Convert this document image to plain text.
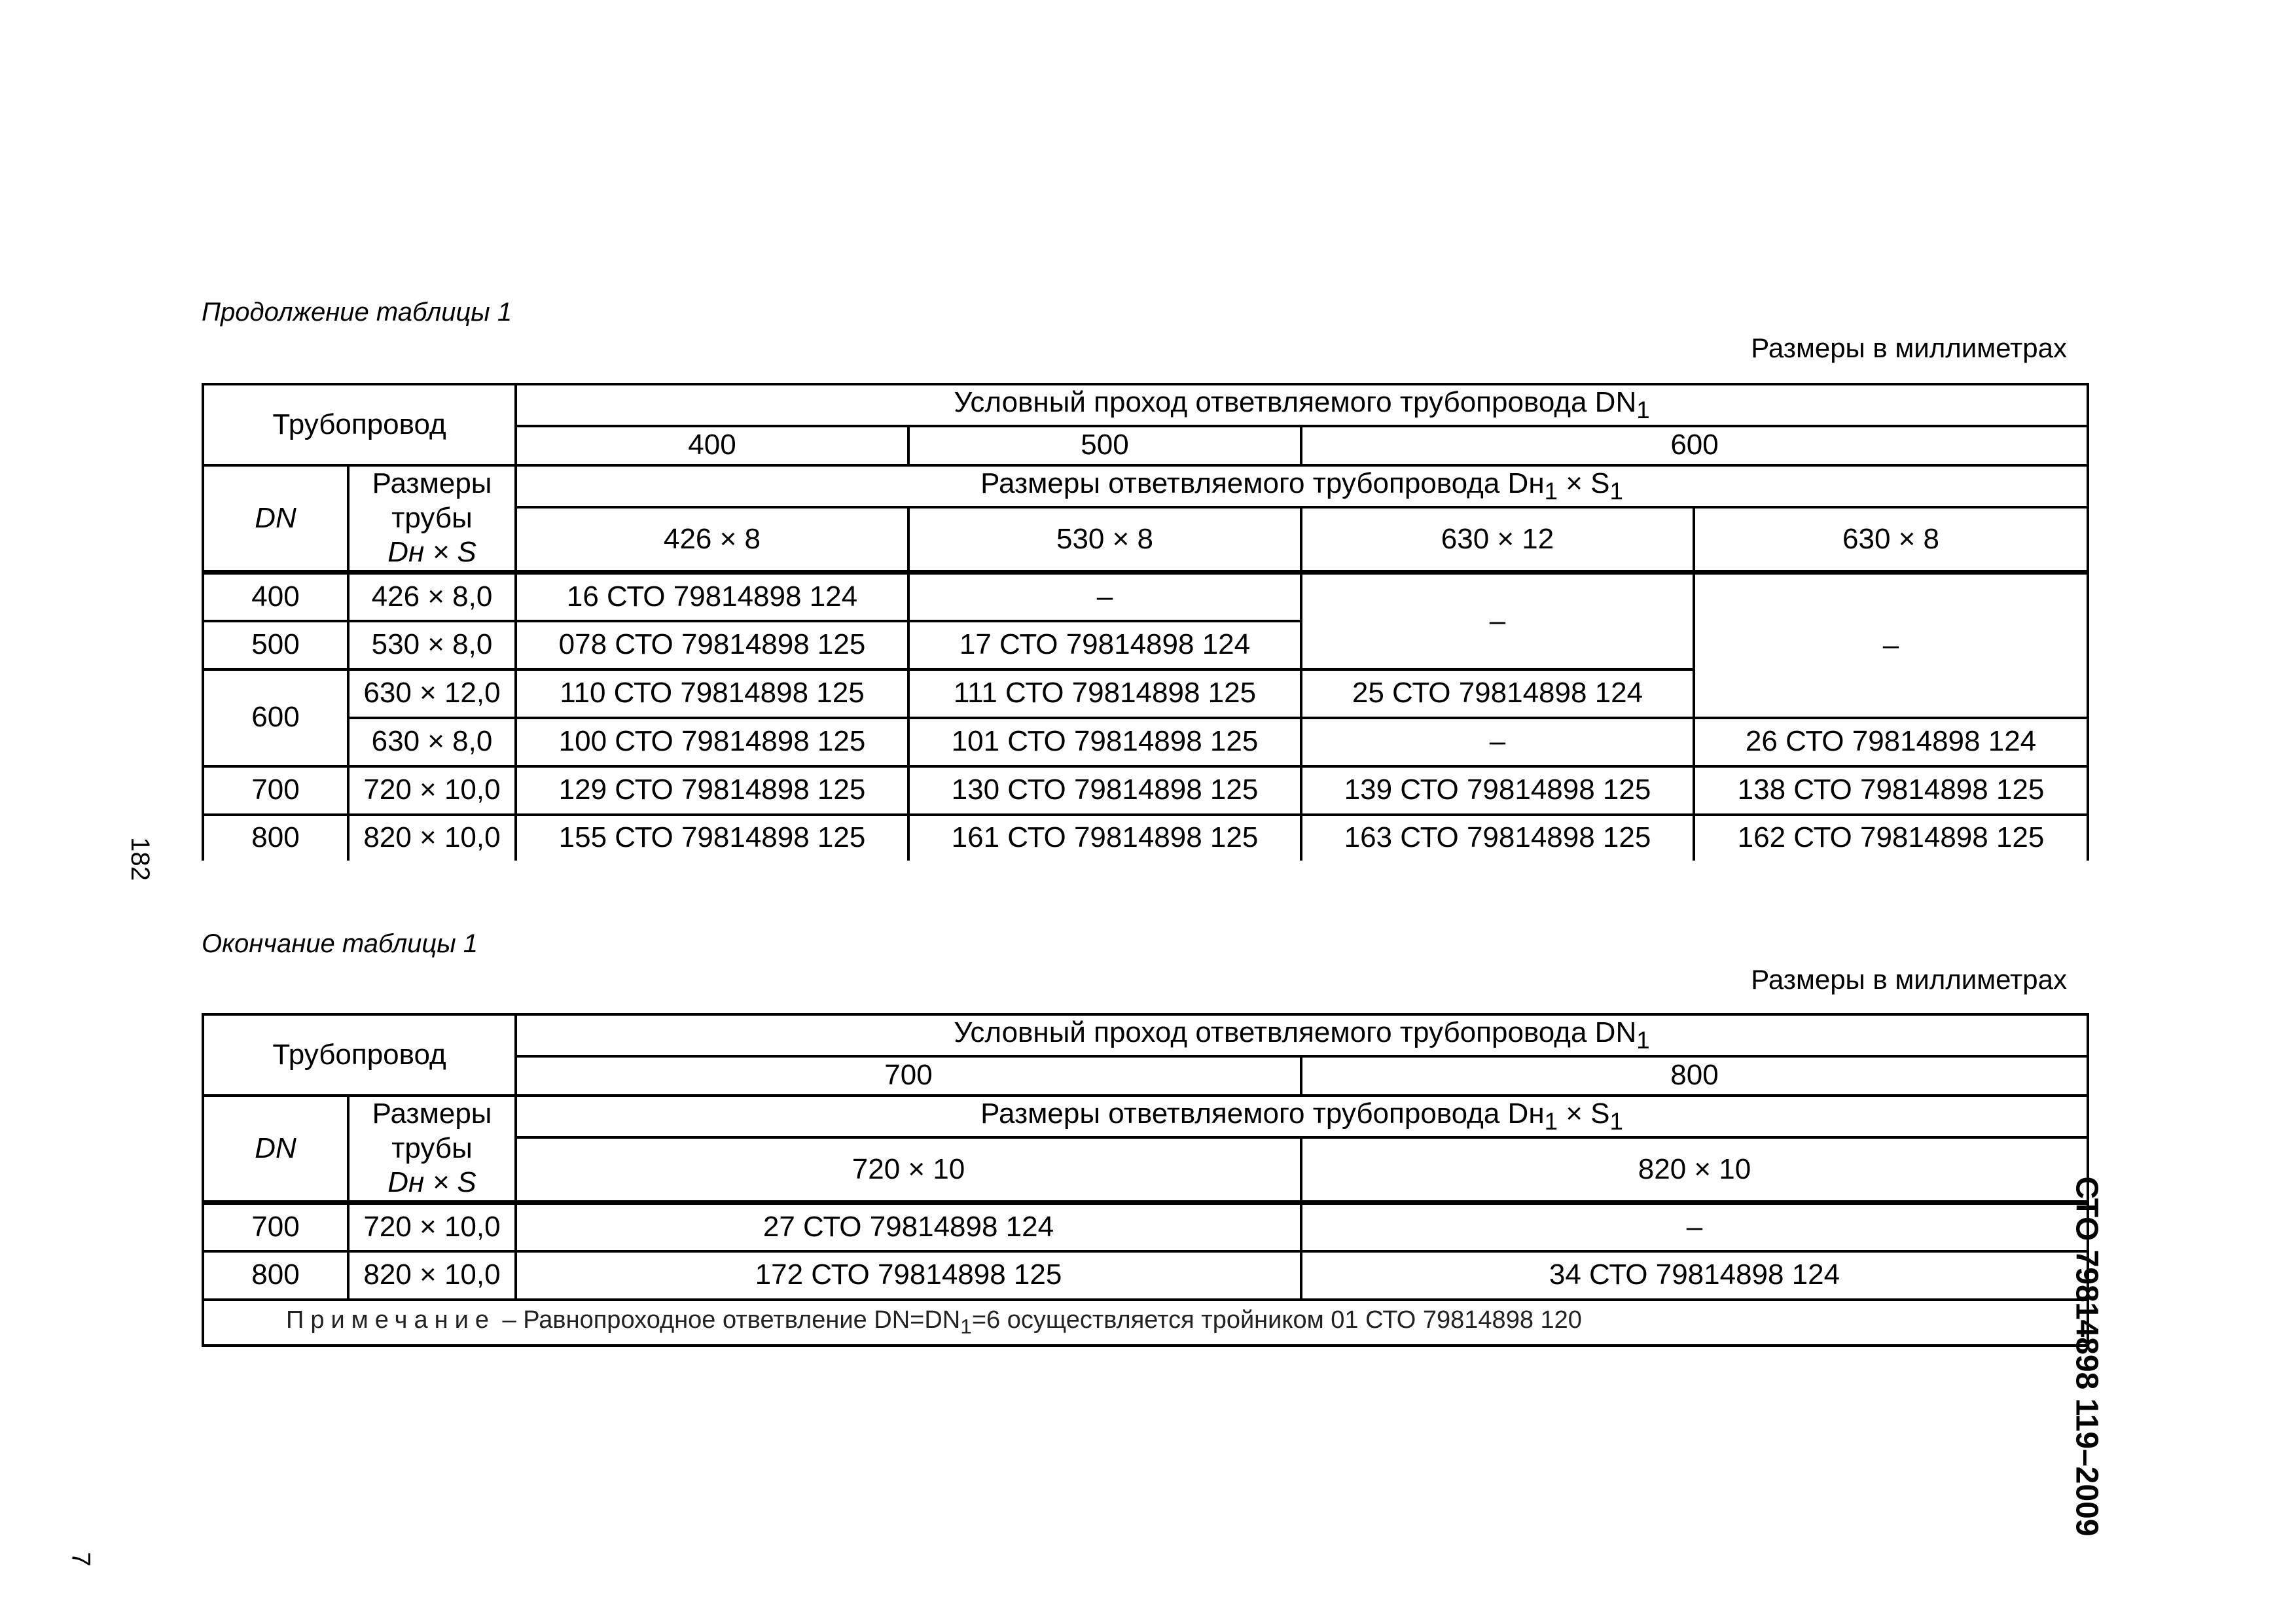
Продолжение таблицы 1
Размеры в миллиметрах
Трубопровод		Условный проход ответвляемого трубопровода $DN_1$
		400	500	600	
DN	Размеры трубы
Dн × S	Размеры ответвляемого трубопровода $Dн_1 \times S_1$
		426 × 8	530 × 8	630 × 12	630 × 8
400	426 × 8,0	16 СТО 79814898 124	–	–	–
500	530 × 8,0	078 СТО 79814898 125	17 СТО 79814898 124		
600	630 × 12,0	110 СТО 79814898 125	111 СТО 79814898 125	25 СТО 79814898 124	
	630 × 8,0	100 СТО 79814898 125	101 СТО 79814898 125	–	26 СТО 79814898 124
700	720 × 10,0	129 СТО 79814898 125	130 СТО 79814898 125	139 СТО 79814898 125	138 СТО 79814898 125
800	820 × 10,0	155 СТО 79814898 125	161 СТО 79814898 125	163 СТО 79814898 125	162 СТО 79814898 125
Окончание таблицы 1
Размеры в миллиметрах
Трубопровод		Условный проход ответвляемого трубопровода $DN_1$
		700	800
DN	Размеры трубы
Dн × S	Размеры ответвляемого трубопровода $Dн_1 \times S_1$
		720 × 10	820 × 10
700	720 × 10,0	27 СТО 79814898 124	–
800	820 × 10,0	172 СТО 79814898 125	34 СТО 79814898 124
Примечание – Равнопроходное ответвление $DN=DN_1=6$ осуществляется тройником 01 СТО 79814898 120			
182
7
СТО 79814898 119–2009
